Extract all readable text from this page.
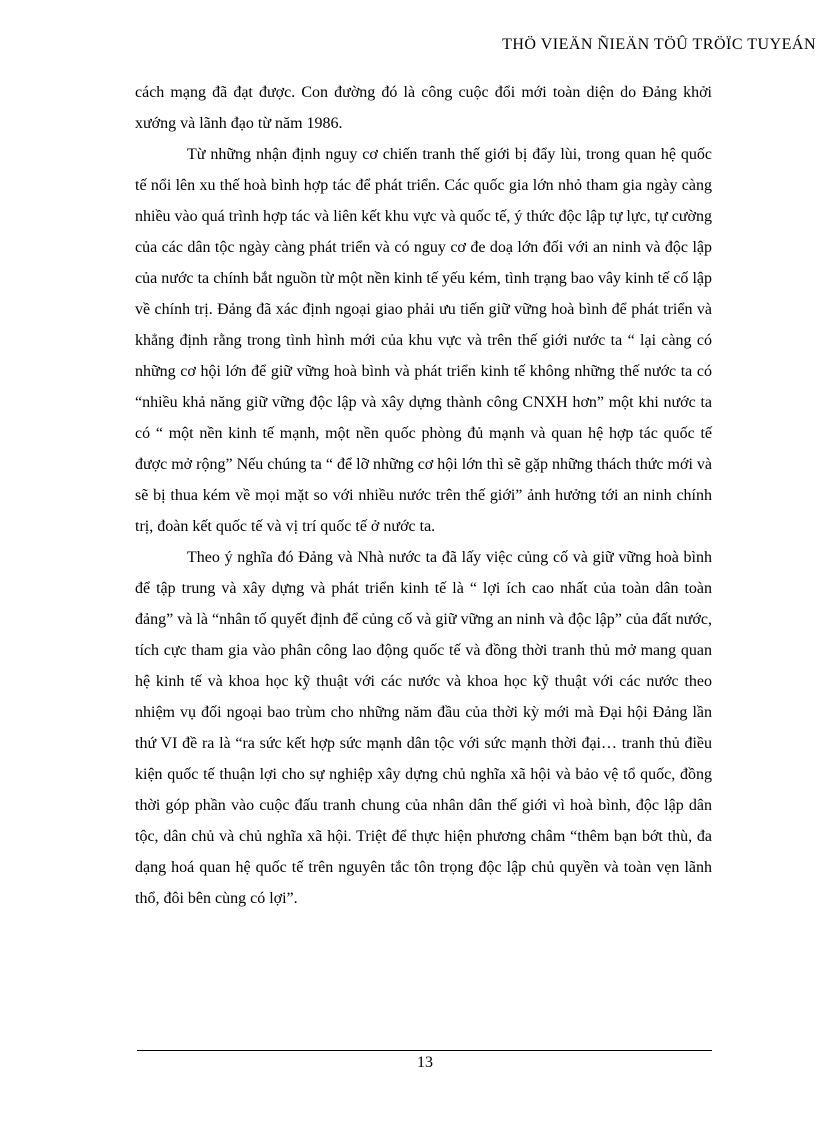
THÖ VIEÄN ÑIEÄN TÖÛ TRÖÏC TUYEÁN

cách mạng đã đạt được. Con đường đó là công cuộc đổi mới toàn diện do Đảng khởi xướng và lãnh đạo từ năm 1986.

Từ những nhận định nguy cơ chiến tranh thế giới bị đẩy lùi, trong quan hệ quốc tế nổi lên xu thế hoà bình hợp tác để phát triển. Các quốc gia lớn nhỏ tham gia ngày càng nhiều vào quá trình hợp tác và liên kết khu vực và quốc tế, ý thức độc lập tự lực, tự cường của các dân tộc ngày càng phát triển và có nguy cơ đe doạ lớn đối với an ninh và độc lập của nước ta chính bắt nguồn từ một nền kinh tế yếu kém, tình trạng bao vây kinh tế cố lập về chính trị. Đảng đã xác định ngoại giao phải ưu tiến giữ vững hoà bình để phát triển và khẳng định rằng trong tình hình mới của khu vực và trên thế giới nước ta “ lại càng có những cơ hội lớn để giữ vững hoà bình và phát triển kinh tế không những thế nước ta có “nhiều khả năng giữ vững độc lập và xây dựng thành công CNXH hơn” một khi nước ta có “ một nền kinh tế mạnh, một nền quốc phòng đủ mạnh và quan hệ hợp tác quốc tế được mở rộng” Nếu chúng ta “ để lỡ những cơ hội lớn thì sẽ gặp những thách thức mới và sẽ bị thua kém về mọi mặt so với nhiều nước trên thế giới” ảnh hưởng tới an ninh chính trị, đoàn kết quốc tế và vị trí quốc tế ở nước ta.

Theo ý nghĩa đó Đảng và Nhà nước ta đã lấy việc củng cố và giữ vững hoà bình để tập trung và xây dựng và phát triển kinh tế là “ lợi ích cao nhất của toàn dân toàn đảng” và là “nhân tố quyết định để củng cố và giữ vững an ninh và độc lập” của đất nước, tích cực tham gia vào phân công lao động quốc tế và đồng thời tranh thủ mở mang quan hệ kinh tế và khoa học kỹ thuật với các nước và khoa học kỹ thuật với các nước theo nhiệm vụ đối ngoại bao trùm cho những năm đầu của thời kỳ mới mà Đại hội Đảng lần thứ VI đề ra là “ra sức kết hợp sức mạnh dân tộc với sức mạnh thời đại… tranh thủ điều kiện quốc tế thuận lợi cho sự nghiệp xây dựng chủ nghĩa xã hội và bảo vệ tổ quốc, đồng thời góp phần vào cuộc đấu tranh chung của nhân dân thế giới vì hoà bình, độc lập dân tộc, dân chủ và chủ nghĩa xã hội. Triệt để thực hiện phương châm “thêm bạn bớt thù, đa dạng hoá quan hệ quốc tế trên nguyên tắc tôn trọng độc lập chủ quyền và toàn vẹn lãnh thổ, đôi bên cùng có lợi”.

13
